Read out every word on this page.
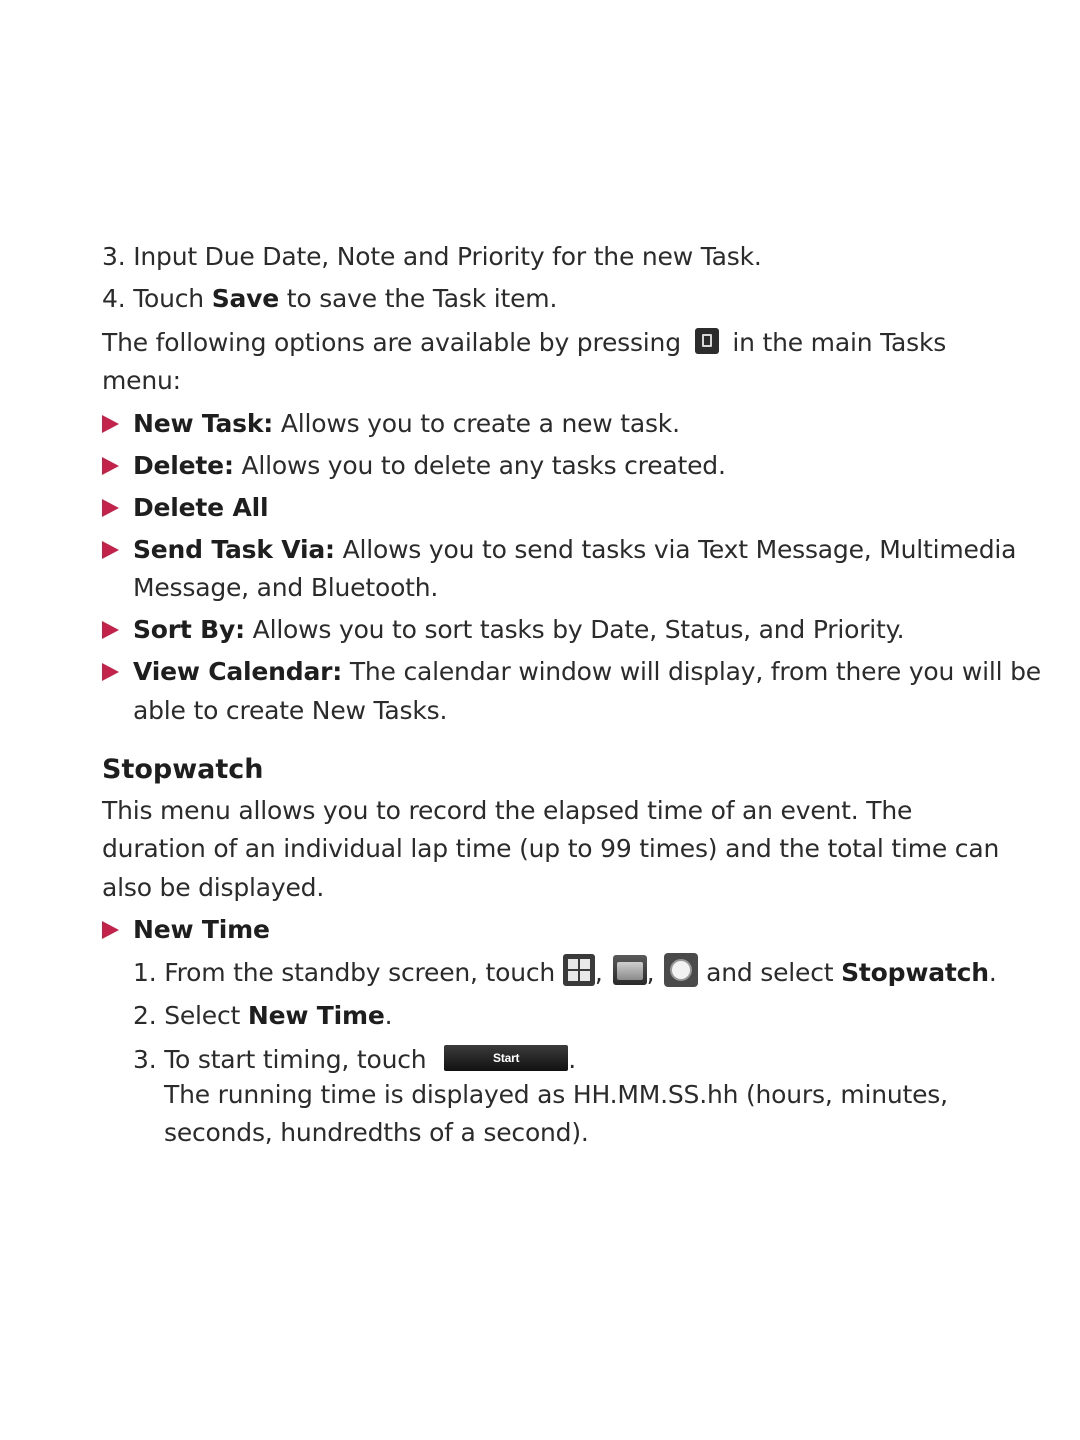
3. Input Due Date, Note and Priority for the new Task.
4. Touch Save to save the Task item.
The following options are available by pressing in the main Tasks
menu:
New Task: Allows you to create a new task.
Delete: Allows you to delete any tasks created.
Delete All
Send Task Via: Allows you to send tasks via Text Message, Multimedia
Message, and Bluetooth.
Sort By: Allows you to sort tasks by Date, Status, and Priority.
View Calendar: The calendar window will display, from there you will be
able to create New Tasks.
Stopwatch
This menu allows you to record the elapsed time of an event. The
duration of an individual lap time (up to 99 times) and the total time can
also be displayed.
New Time
1. From the standby screen, touch , , and select Stopwatch.
2. Select New Time.
3. To start timing, touch	Start .
The running time is displayed as HH.MM.SS.hh (hours, minutes,
seconds, hundredths of a second).
